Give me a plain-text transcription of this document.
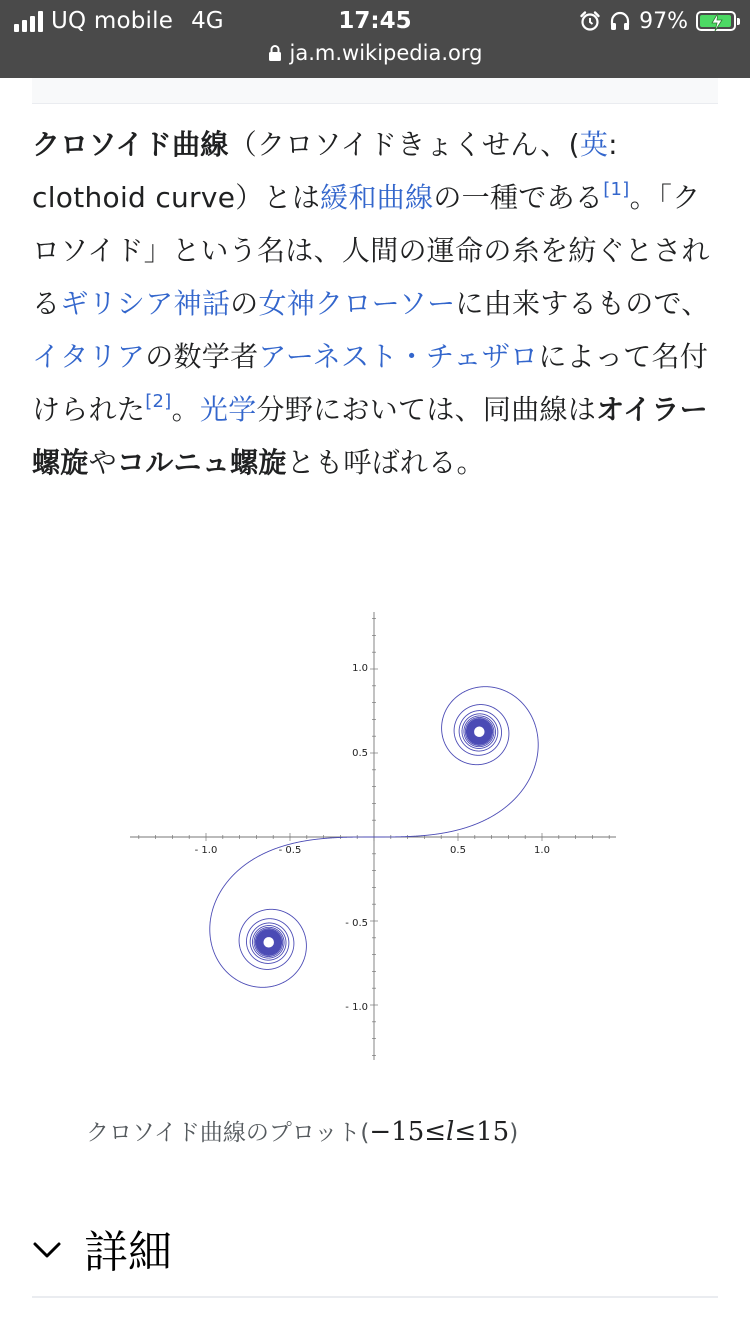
UQ mobile 4G	17:45	97%
ja.m.wikipedia.org

クロソイド曲線（クロソイドきょくせん、(英: clothoid curve）とは緩和曲線の一種である[1]。「クロソイド」という名は、人間の運命の糸を紡ぐとされるギリシア神話の女神クローソーに由来するもので、イタリアの数学者アーネスト・チェザロによって名付けられた[2]。光学分野においては、同曲線はオイラー螺旋やコルニュ螺旋とも呼ばれる。

- 1.0	- 0.5	0.5	1.0
1.0
0.5
- 0.5
- 1.0
クロソイド曲線のプロット(−15≤l≤15)
詳細
